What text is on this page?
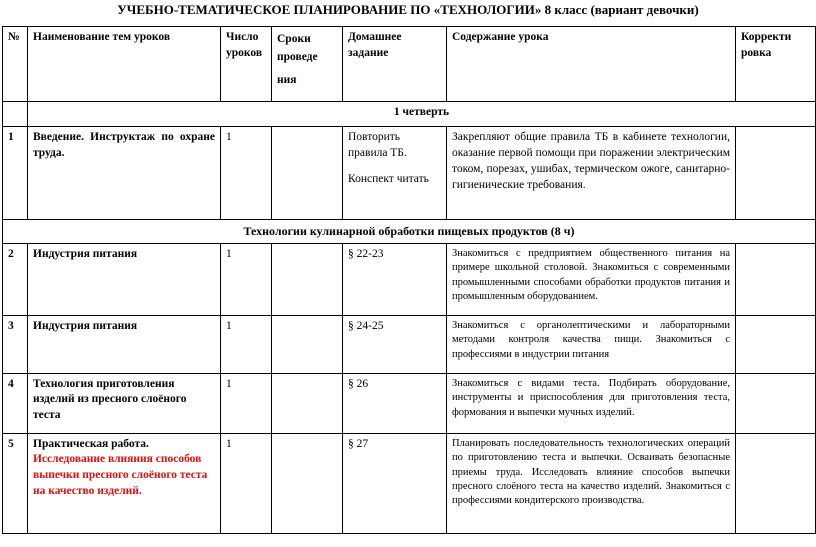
УЧЕБНО-ТЕМАТИЧЕСКОЕ ПЛАНИРОВАНИЕ ПО «ТЕХНОЛОГИИ» 8 класс (вариант девочки)
№	Наименование тем уроков	Число
уроков	Сроки
проведе
ния	Домашнее
задание	Содержание урока	Корректи
ровка
	1 четверть					
1	Введение. Инструктаж по охране труда.	1		Повторить правила ТБ.
Конспект читать	Закрепляют общие правила ТБ в кабинете технологии, оказание первой помощи при поражении электрическим током, порезах, ушибах, термическом ожоге, санитарно-гигиенические требования.	
Технологии кулинарной обработки пищевых продуктов (8 ч)						
2	Индустрия питания	1		§ 22-23	Знакомиться с предприятием общественного питания на примере школьной столовой. Знакомиться с современными промышленными способами обработки продуктов питания и промышленным оборудованием.	
3	Индустрия питания	1		§ 24-25	Знакомиться с органолептическими и лабораторными методами контроля качества пищи. Знакомиться с профессиями в индустрии питания	
4	Технология приготовления изделий из пресного слоёного теста	1		§ 26	Знакомиться с видами теста. Подбирать оборудование, инструменты и приспособления для приготовления теста, формования и выпечки мучных изделий.	
5	Практическая работа.
Исследование влияния способов выпечки пресного слоёного теста на качество изделий.	1		§ 27	Планировать последовательность технологических операций по приготовлению теста и выпечки. Осваивать безопасные приемы труда. Исследовать влияние способов выпечки пресного слоёного теста на качество изделий. Знакомиться с профессиями кондитерского производства.	
